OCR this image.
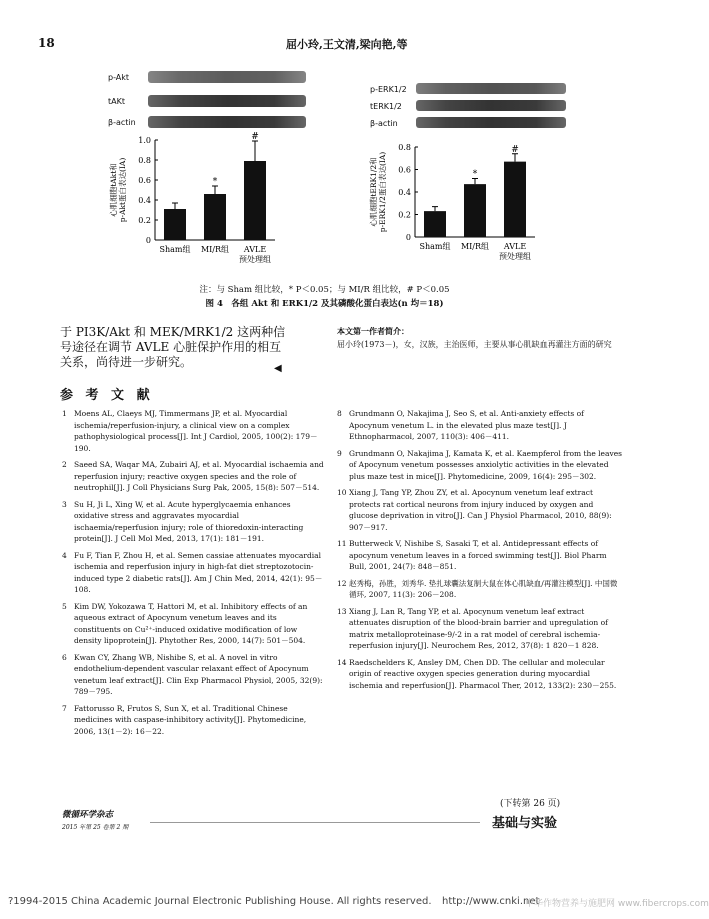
18	屈小玲,王文清,梁向艳,等
p-Akt
tAKt
β-actin
p-ERK1/2
tERK1/2
β-actin
0
0.2
0.4
0.6
0.8
1.0
心肌细胞tAkt和p-Akt蛋白表达(IA)
Sham组
*
MI/R组
#
AVLE 预处理组
0
0.2
0.4
0.6
0.8
心肌细胞tERK1/2和p-ERK1/2蛋白表达(IA)
Sham组
*
MI/R组
#
AVLE 预处理组
注：与 Sham 组比较，* P＜0.05；与 MI/R 组比较，# P＜0.05
图 4　各组 Akt 和 ERK1/2 及其磷酸化蛋白表达(n 均＝18)
于 PI3K/Akt 和 MEK/MRK1/2 这两种信号途径在调节 AVLE 心脏保护作用的相互关系，尚待进一步研究。	◀
本文第一作者简介：
屈小玲(1973－)，女，汉族，主治医师，主要从事心肌缺血再灌注方面的研究
参 考 文 献
1 Moens AL, Claeys MJ, Timmermans JP, et al. Myocardial ischemia/reperfusion-injury, a clinical view on a complex pathophysiological process[J]. Int J Cardiol, 2005, 100(2): 179－190.
2 Saeed SA, Waqar MA, Zubairi AJ, et al. Myocardial ischaemia and reperfusion injury; reactive oxygen species and the role of neutrophil[J]. J Coll Physicians Surg Pak, 2005, 15(8): 507－514.
3 Su H, Ji L, Xing W, et al. Acute hyperglycaemia enhances oxidative stress and aggravates myocardial ischaemia/reperfusion injury; role of thioredoxin-interacting protein[J]. J Cell Mol Med, 2013, 17(1): 181－191.
4 Fu F, Tian F, Zhou H, et al. Semen cassiae attenuates myocardial ischemia and reperfusion injury in high-fat diet streptozotocin-induced type 2 diabetic rats[J]. Am J Chin Med, 2014, 42(1): 95－108.
5 Kim DW, Yokozawa T, Hattori M, et al. Inhibitory effects of an aqueous extract of Apocynum venetum leaves and its constituents on Cu²⁺-induced oxidative modification of low density lipoprotein[J]. Phytother Res, 2000, 14(7): 501－504.
6 Kwan CY, Zhang WB, Nishibe S, et al. A novel in vitro endothelium-dependent vascular relaxant effect of Apocynum venetum leaf extract[J]. Clin Exp Pharmacol Physiol, 2005, 32(9): 789－795.
7 Fattorusso R, Frutos S, Sun X, et al. Traditional Chinese medicines with caspase-inhibitory activity[J]. Phytomedicine, 2006, 13(1－2): 16－22.
8 Grundmann O, Nakajima J, Seo S, et al. Anti-anxiety effects of Apocynum venetum L. in the elevated plus maze test[J]. J Ethnopharmacol, 2007, 110(3): 406－411.
9 Grundmann O, Nakajima J, Kamata K, et al. Kaempferol from the leaves of Apocynum venetum possesses anxiolytic activities in the elevated plus maze test in mice[J]. Phytomedicine, 2009, 16(4): 295－302.
10 Xiang J, Tang YP, Zhou ZY, et al. Apocynum venetum leaf extract protects rat cortical neurons from injury induced by oxygen and glucose deprivation in vitro[J]. Can J Physiol Pharmacol, 2010, 88(9): 907－917.
11 Butterweck V, Nishibe S, Sasaki T, et al. Antidepressant effects of apocynum venetum leaves in a forced swimming test[J]. Biol Pharm Bull, 2001, 24(7): 848－851.
12 赵秀梅，孙胜，刘秀华. 垫扎球囊法复制大鼠在体心肌缺血/再灌注模型[J]. 中国微循环, 2007, 11(3): 206－208.
13 Xiang J, Lan R, Tang YP, et al. Apocynum venetum leaf extract attenuates disruption of the blood-brain barrier and upregulation of matrix metalloproteinase-9/-2 in a rat model of cerebral ischemia-reperfusion injury[J]. Neurochem Res, 2012, 37(8): 1 820－1 828.
14 Raedschelders K, Ansley DM, Chen DD. The cellular and molecular origin of reactive oxygen species generation during myocardial ischemia and reperfusion[J]. Pharmacol Ther, 2012, 133(2): 230－255.
(下转第 26 页)
基础与实验
微循环学杂志
2015 年第 25 卷第 2 期
?1994-2015 China Academic Journal Electronic Publishing House. All rights reserved. http://www.cnki.net
中华作物营养与施肥网 www.fibercrops.com
